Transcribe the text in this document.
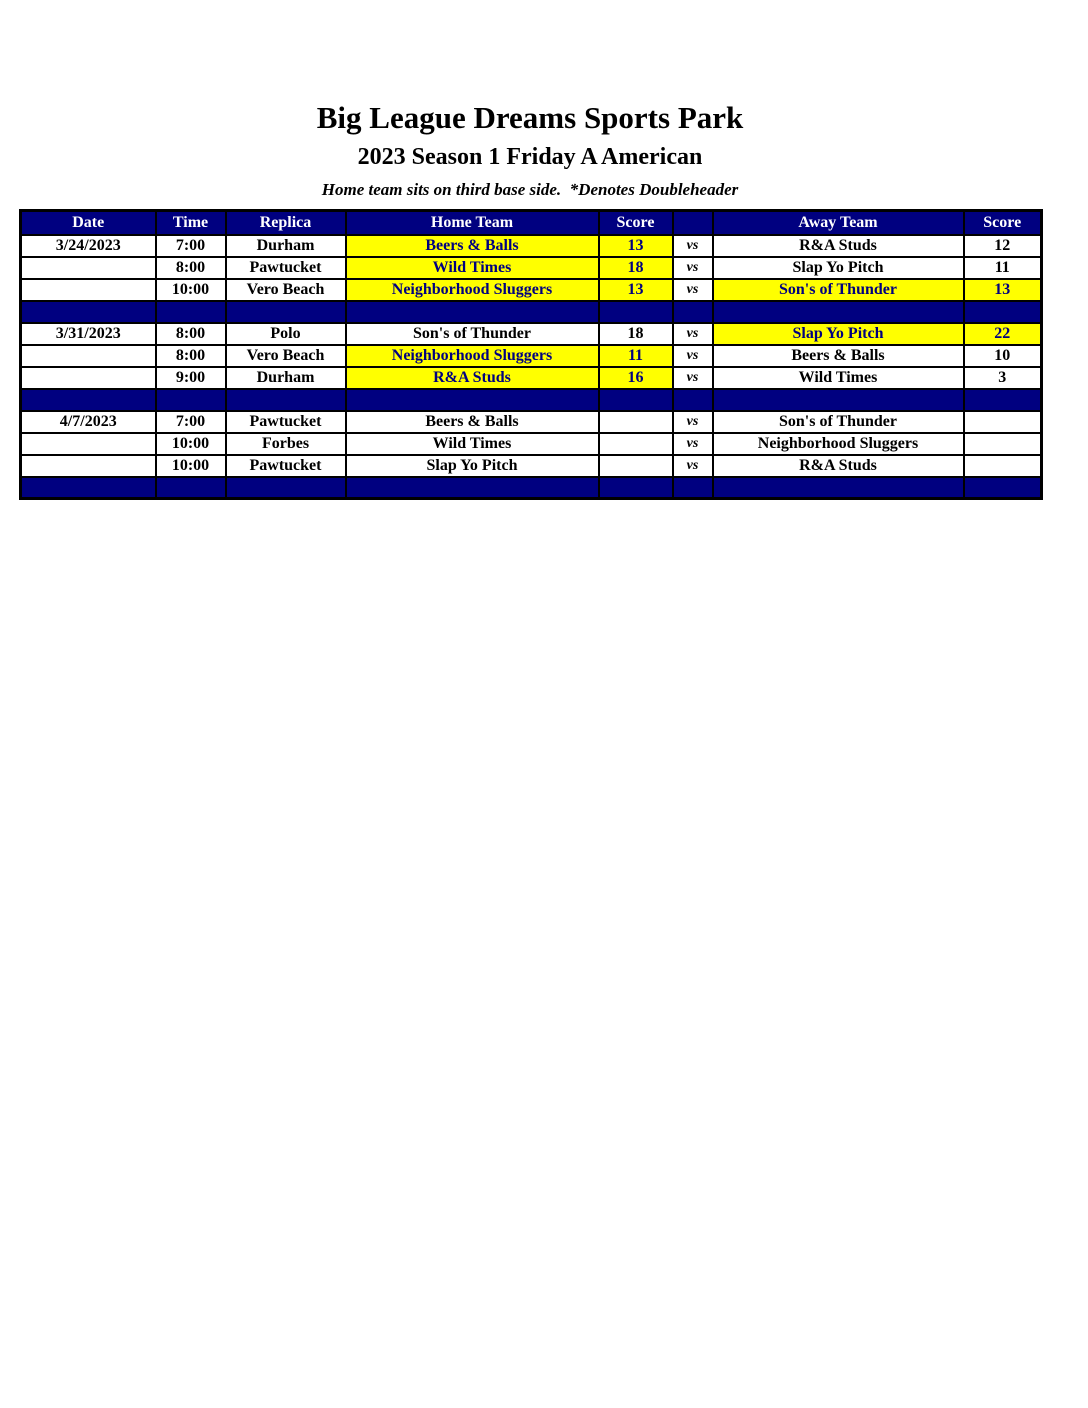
Big League Dreams Sports Park
2023 Season 1 Friday A American
Home team sits on third base side.  *Denotes Doubleheader
Date	Time	Replica	Home Team	Score		Away Team	Score
3/24/2023	7:00	Durham	Beers & Balls	13	vs	R&A Studs	12
	8:00	Pawtucket	Wild Times	18	vs	Slap Yo Pitch	11
	10:00	Vero Beach	Neighborhood Sluggers	13	vs	Son's of Thunder	13

3/31/2023	8:00	Polo	Son's of Thunder	18	vs	Slap Yo Pitch	22
	8:00	Vero Beach	Neighborhood Sluggers	11	vs	Beers & Balls	10
	9:00	Durham	R&A Studs	16	vs	Wild Times	3

4/7/2023	7:00	Pawtucket	Beers & Balls		vs	Son's of Thunder	
	10:00	Forbes	Wild Times		vs	Neighborhood Sluggers	
	10:00	Pawtucket	Slap Yo Pitch		vs	R&A Studs	
